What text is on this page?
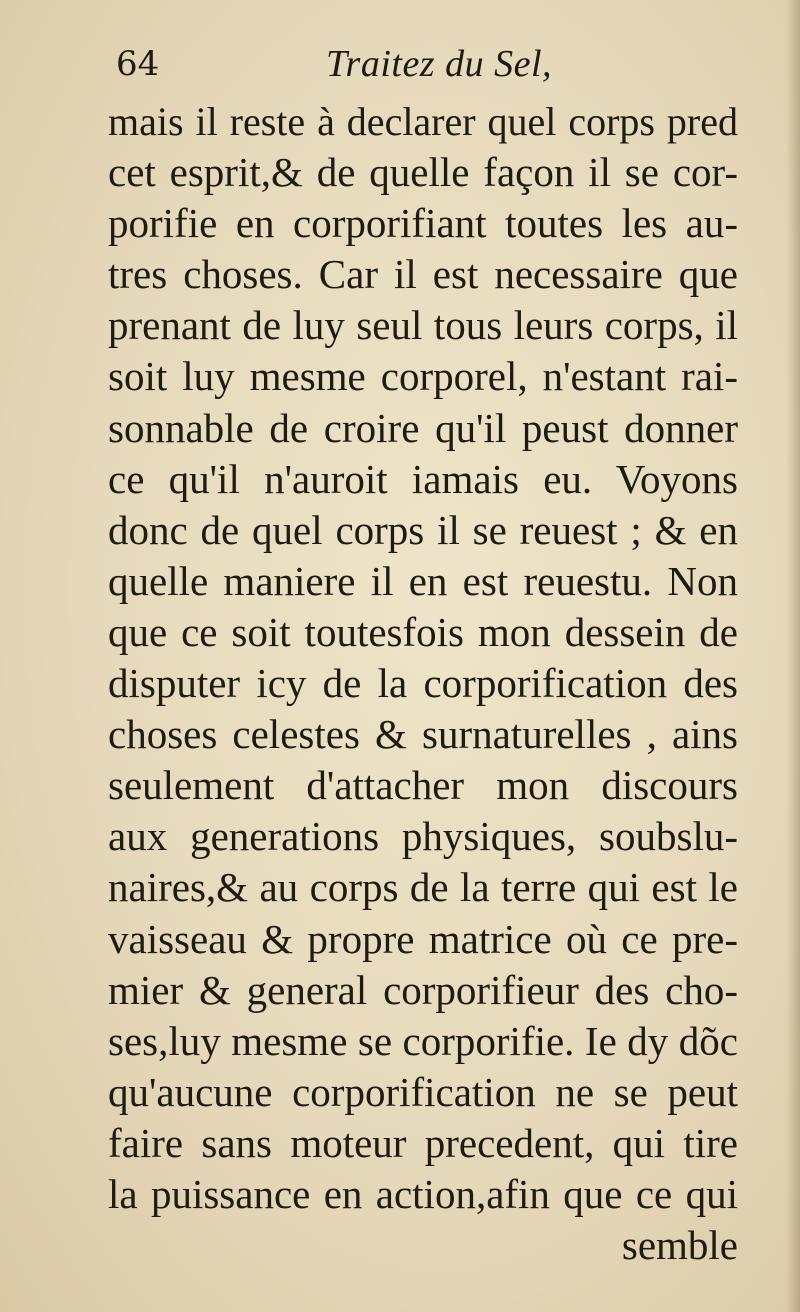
64	Traitez du Sel,
mais il reste à declarer quel corps pred
cet esprit,& de quelle façon il se cor-
porifie en corporifiant toutes les au-
tres choses. Car il est necessaire que
prenant de luy seul tous leurs corps, il
soit luy mesme corporel, n'estant rai-
sonnable de croire qu'il peust donner
ce qu'il n'auroit iamais eu. Voyons
donc de quel corps il se reuest ; & en
quelle maniere il en est reuestu. Non
que ce soit toutesfois mon dessein de
disputer icy de la corporification des
choses celestes & surnaturelles , ains
seulement d'attacher mon discours
aux generations physiques, soubslu-
naires,& au corps de la terre qui est le
vaisseau & propre matrice où ce pre-
mier & general corporifieur des cho-
ses,luy mesme se corporifie. Ie dy dõc
qu'aucune corporification ne se peut
faire sans moteur precedent, qui tire
la puissance en action,afin que ce qui
semble
